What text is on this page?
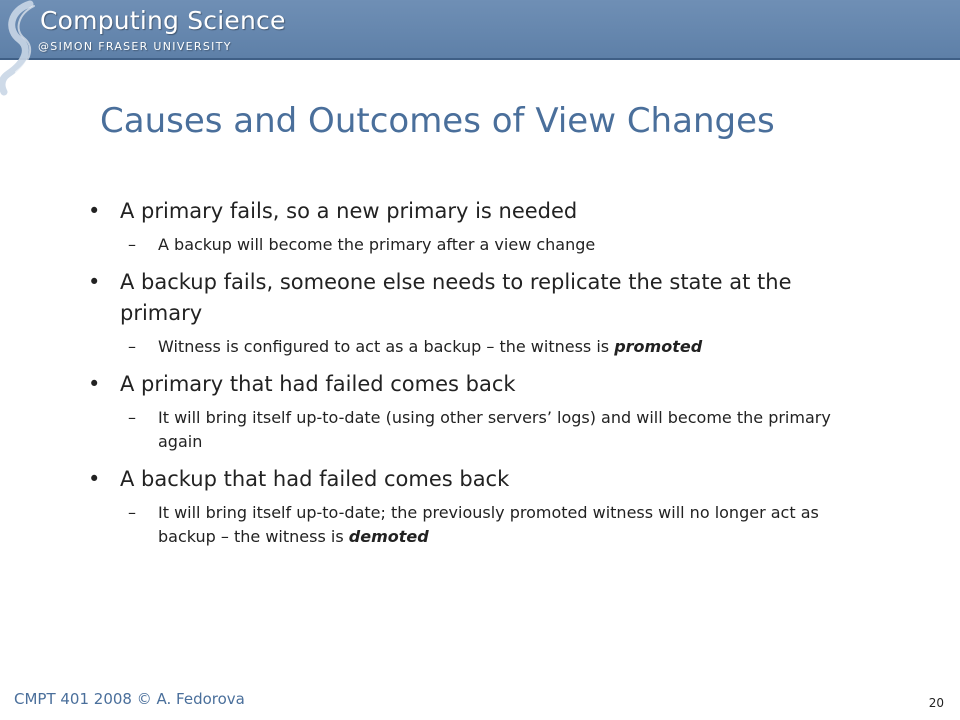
Computing Science
@SIMON FRASER UNIVERSITY
Causes and Outcomes of View Changes
• A primary fails, so a new primary is needed
– A backup will become the primary after a view change
• A backup fails, someone else needs to replicate the state at the primary
– Witness is configured to act as a backup – the witness is promoted
• A primary that had failed comes back
– It will bring itself up-to-date (using other servers’ logs) and will become the primary again
• A backup that had failed comes back
– It will bring itself up-to-date; the previously promoted witness will no longer act as backup – the witness is demoted
CMPT 401 2008 © A. Fedorova	20
